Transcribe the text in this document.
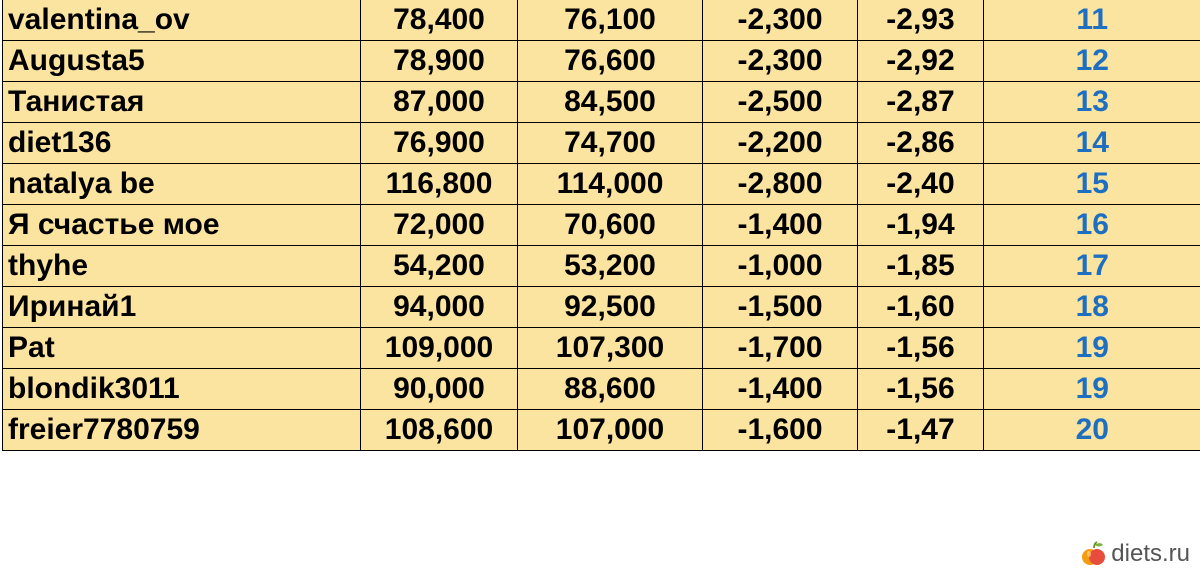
valentina_ov	78,400	76,100	-2,300	-2,93	11
Augusta5	78,900	76,600	-2,300	-2,92	12
Танистая	87,000	84,500	-2,500	-2,87	13
diet136	76,900	74,700	-2,200	-2,86	14
natalya be	116,800	114,000	-2,800	-2,40	15
Я счастье мое	72,000	70,600	-1,400	-1,94	16
thyhe	54,200	53,200	-1,000	-1,85	17
Иринай1	94,000	92,500	-1,500	-1,60	18
Pat	109,000	107,300	-1,700	-1,56	19
blondik3011	90,000	88,600	-1,400	-1,56	19
freier7780759	108,600	107,000	-1,600	-1,47	20
diets.ru
